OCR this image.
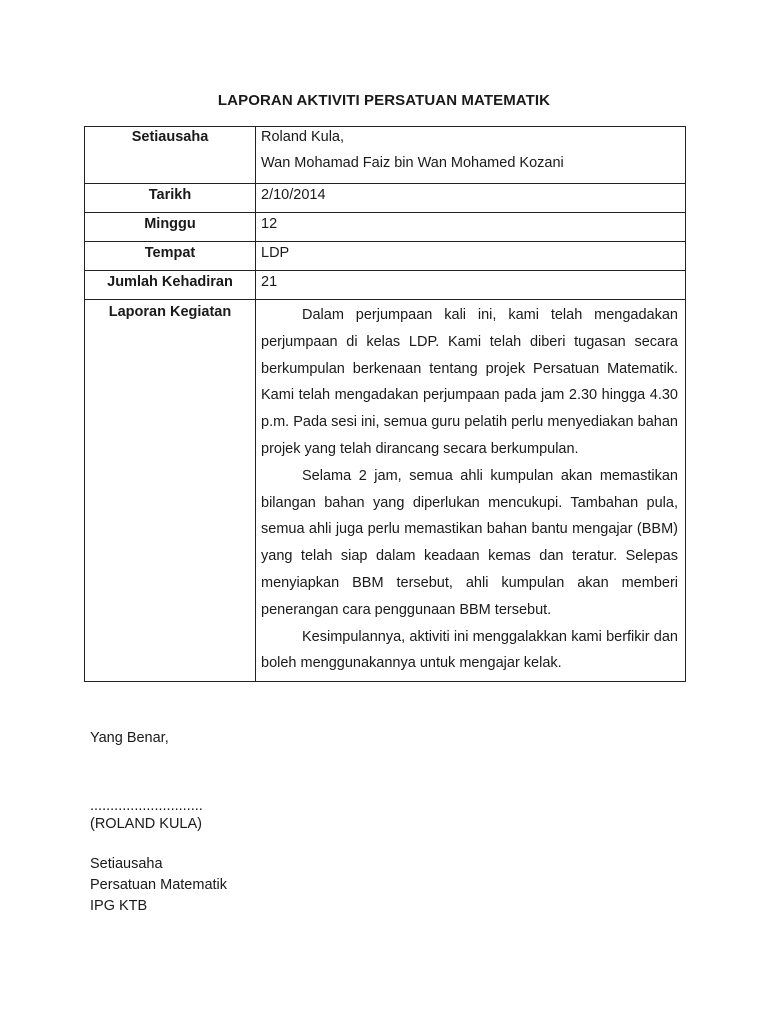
LAPORAN AKTIVITI PERSATUAN MATEMATIK
Setiausaha	Roland Kula,
Wan Mohamad Faiz bin Wan Mohamed Kozani

Tarikh	2/10/2014
Minggu	12
Tempat	LDP
Jumlah Kehadiran	21
Laporan Kegiatan	Dalam perjumpaan kali ini, kami telah mengadakan perjumpaan di kelas LDP. Kami telah diberi tugasan secara berkumpulan berkenaan tentang projek Persatuan Matematik. Kami telah mengadakan perjumpaan pada jam 2.30 hingga 4.30 p.m. Pada sesi ini, semua guru pelatih perlu menyediakan bahan projek yang telah dirancang secara berkumpulan.

Selama 2 jam, semua ahli kumpulan akan memastikan bilangan bahan yang diperlukan mencukupi. Tambahan pula, semua ahli juga perlu memastikan bahan bantu mengajar (BBM) yang telah siap dalam keadaan kemas dan teratur. Selepas menyiapkan BBM tersebut, ahli kumpulan akan memberi penerangan cara penggunaan BBM tersebut.

Kesimpulannya, aktiviti ini menggalakkan kami berfikir dan boleh menggunakannya untuk mengajar kelak.

Yang Benar,
............................
(ROLAND KULA)
Setiausaha
Persatuan Matematik
IPG KTB
